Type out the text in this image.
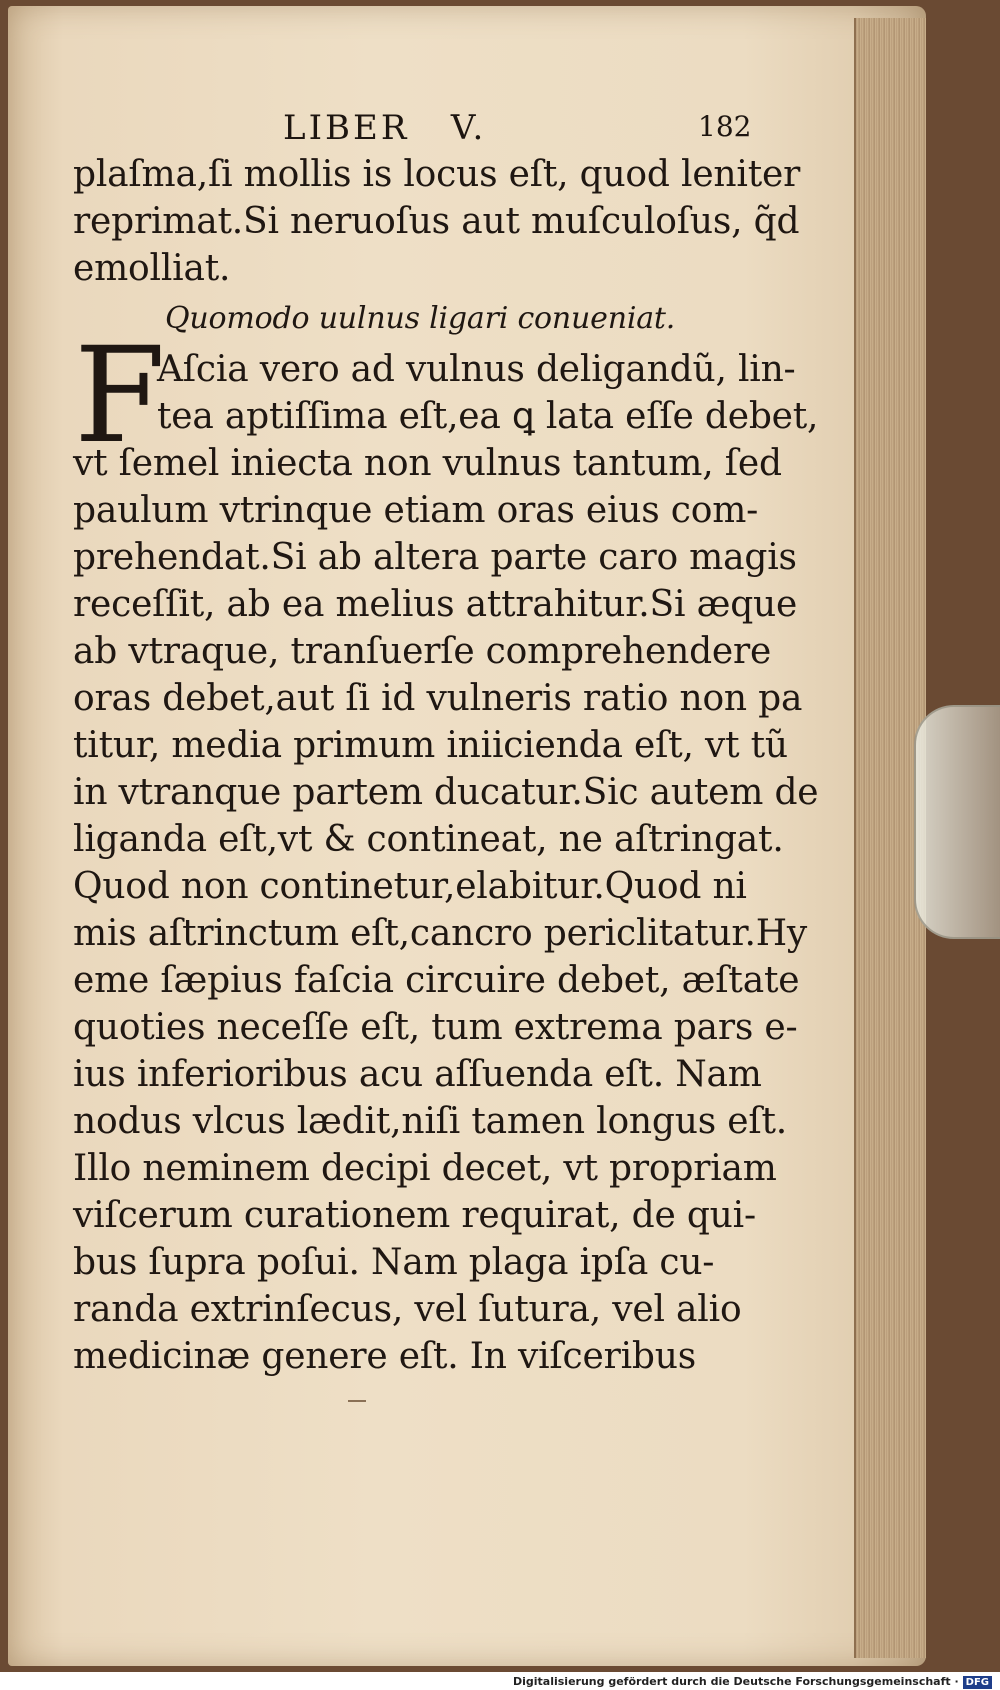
LIBER   V.	182
plaſma,ſi mollis is locus eſt, quod leniter
reprimat.Si neruoſus aut muſculoſus, q̃d
emolliat.
Quomodo uulnus ligari conueniat.
Aſcia vero ad vulnus deligandũ, lin-
tea aptiſſima eſt,ea ꝗ lata eſſe debet,
vt ſemel iniecta non vulnus tantum, ſed
paulum vtrinque etiam oras eius com-
prehendat.Si ab altera parte caro magis
receſſit, ab ea melius attrahitur.Si æque
ab vtraque, tranſuerſe comprehendere
oras debet,aut ſi id vulneris ratio non pa
titur, media primum iniicienda eſt, vt tũ
in vtranque partem ducatur.Sic autem de
liganda eſt,vt & contineat, ne aſtringat.
Quod non continetur,elabitur.Quod ni
mis aſtrinctum eſt,cancro periclitatur.Hy
eme ſæpius faſcia circuire debet, æſtate
quoties neceſſe eſt, tum extrema pars e-
ius inferioribus acu aſſuenda eſt. Nam
nodus vlcus lædit,niſi tamen longus eſt.
Illo neminem decipi decet, vt propriam
viſcerum curationem requirat, de qui-
bus ſupra poſui. Nam plaga ipſa cu-
randa extrinſecus, vel ſutura, vel alio
medicinæ genere eſt. In viſceribus
F
Digitalisierung gefördert durch die Deutsche Forschungsgemeinschaft · DFG
